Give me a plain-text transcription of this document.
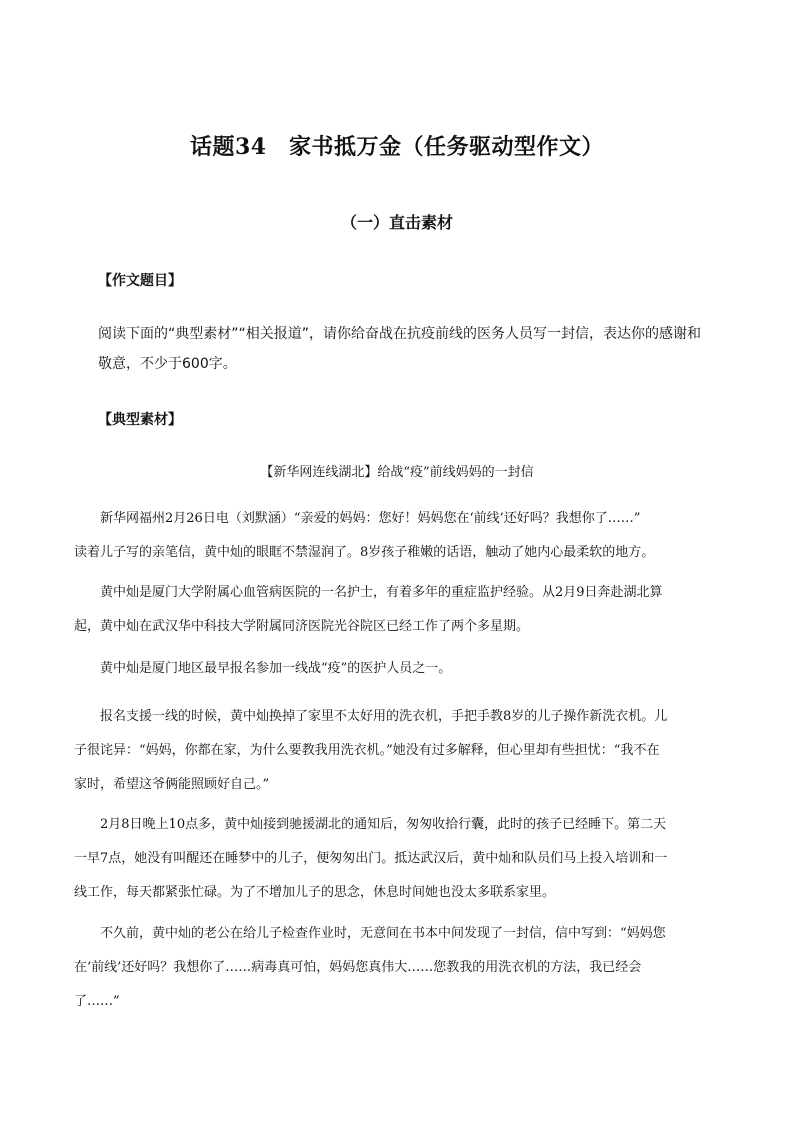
话题34　家书抵万金（任务驱动型作文）
（一）直击素材
【作文题目】
阅读下面的“典型素材”“相关报道”，请你给奋战在抗疫前线的医务人员写一封信，表达你的感谢和
敬意，不少于600字。
【典型素材】
【新华网连线湖北】给战“疫”前线妈妈的一封信
　　新华网福州2月26日电（刘默涵）“亲爱的妈妈：您好！妈妈您在‘前线’还好吗？我想你了……”
读着儿子写的亲笔信，黄中灿的眼眶不禁湿润了。8岁孩子稚嫩的话语，触动了她内心最柔软的地方。
　　黄中灿是厦门大学附属心血管病医院的一名护士，有着多年的重症监护经验。从2月9日奔赴湖北算
起，黄中灿在武汉华中科技大学附属同济医院光谷院区已经工作了两个多星期。
　　黄中灿是厦门地区最早报名参加一线战“疫”的医护人员之一。
　　报名支援一线的时候，黄中灿换掉了家里不太好用的洗衣机，手把手教8岁的儿子操作新洗衣机。儿
子很诧异：“妈妈，你都在家，为什么要教我用洗衣机。”她没有过多解释，但心里却有些担忧：“我不在
家时，希望这爷俩能照顾好自己。”
　　2月8日晚上10点多，黄中灿接到驰援湖北的通知后，匆匆收拾行囊，此时的孩子已经睡下。第二天
一早7点，她没有叫醒还在睡梦中的儿子，便匆匆出门。抵达武汉后，黄中灿和队员们马上投入培训和一
线工作，每天都紧张忙碌。为了不增加儿子的思念，休息时间她也没太多联系家里。
　　不久前，黄中灿的老公在给儿子检查作业时，无意间在书本中间发现了一封信，信中写到：“妈妈您
在‘前线’还好吗？我想你了……病毒真可怕，妈妈您真伟大……您教我的用洗衣机的方法，我已经会
了……”
